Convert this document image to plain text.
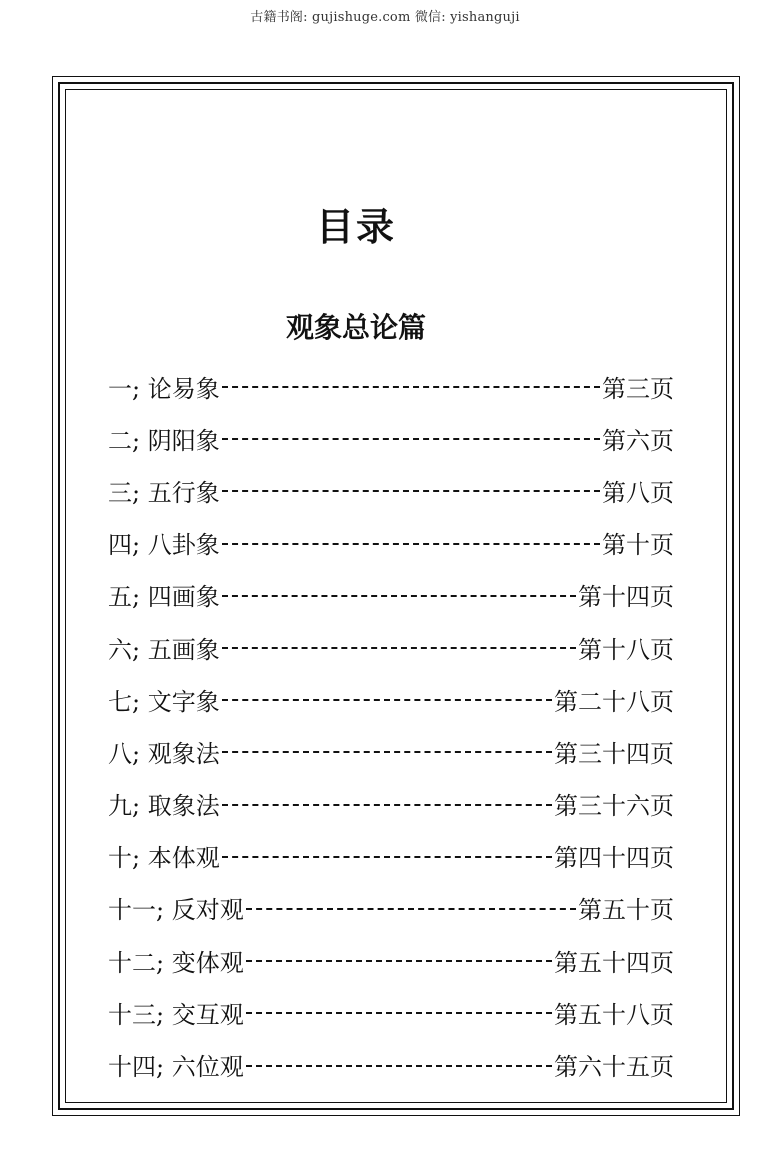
古籍书阁: gujishuge.com 微信: yishanguji
目录
观象总论篇
一; 论易象	第三页
二; 阴阳象	第六页
三; 五行象	第八页
四; 八卦象	第十页
五; 四画象	第十四页
六; 五画象	第十八页
七; 文字象	第二十八页
八; 观象法	第三十四页
九; 取象法	第三十六页
十; 本体观	第四十四页
十一; 反对观	第五十页
十二; 变体观	第五十四页
十三; 交互观	第五十八页
十四; 六位观	第六十五页
